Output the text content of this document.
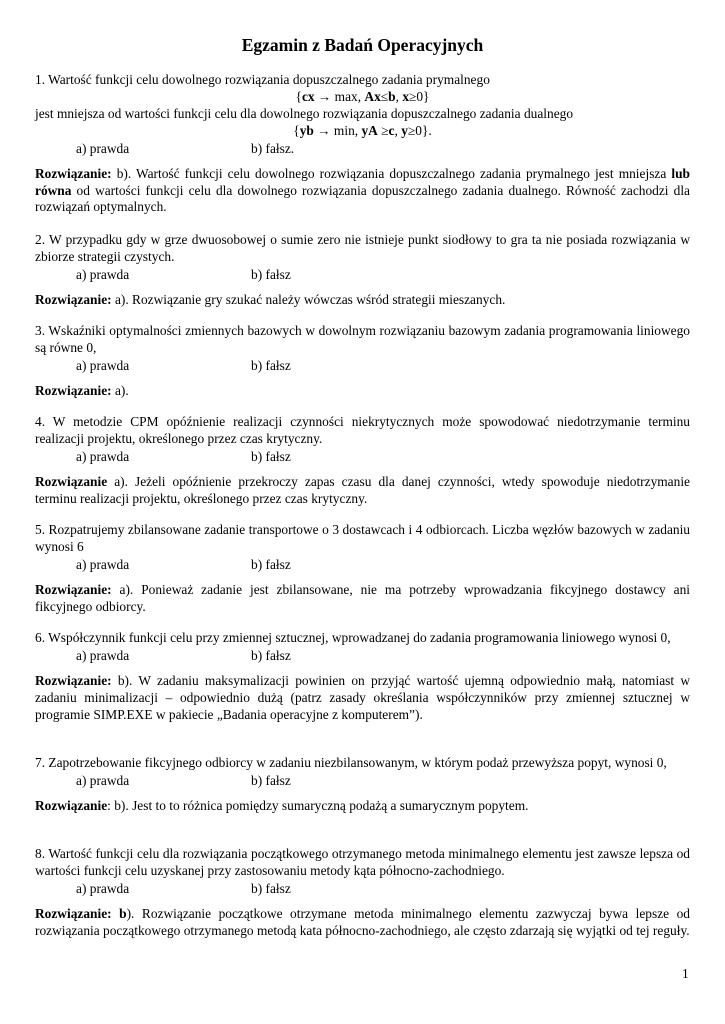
Egzamin z Badań Operacyjnych
1. Wartość funkcji celu dowolnego rozwiązania dopuszczalnego zadania prymalnego
{cx → max, Ax≤b, x≥0}
jest mniejsza od wartości funkcji celu dla dowolnego rozwiązania dopuszczalnego zadania dualnego
{yb → min, yA ≥c, y≥0}.
a) prawda	b) fałsz.
Rozwiązanie: b). Wartość funkcji celu dowolnego rozwiązania dopuszczalnego zadania prymalnego jest mniejsza lub równa od wartości funkcji celu dla dowolnego rozwiązania dopuszczalnego zadania dualnego. Równość zachodzi dla rozwiązań optymalnych.
2. W przypadku gdy w grze dwuosobowej o sumie zero nie istnieje punkt siodłowy to gra ta nie posiada rozwiązania w zbiorze strategii czystych.
a) prawda	b) fałsz
Rozwiązanie: a). Rozwiązanie gry szukać należy wówczas wśród strategii mieszanych.
3. Wskaźniki optymalności zmiennych bazowych w dowolnym rozwiązaniu bazowym zadania programowania liniowego są równe 0,
a) prawda	b) fałsz
Rozwiązanie: a).
4. W metodzie CPM opóźnienie realizacji czynności niekrytycznych może spowodować niedotrzymanie terminu realizacji projektu, określonego przez czas krytyczny.
a) prawda	b) fałsz
Rozwiązanie a). Jeżeli opóźnienie przekroczy zapas czasu dla danej czynności, wtedy spowoduje niedotrzymanie terminu realizacji projektu, określonego przez czas krytyczny.
5. Rozpatrujemy zbilansowane zadanie transportowe o 3 dostawcach i 4 odbiorcach. Liczba węzłów bazowych w zadaniu wynosi 6
a) prawda	b) fałsz
Rozwiązanie: a). Ponieważ zadanie jest zbilansowane, nie ma potrzeby wprowadzania fikcyjnego dostawcy ani fikcyjnego odbiorcy.
6. Współczynnik funkcji celu przy zmiennej sztucznej, wprowadzanej do zadania programowania liniowego wynosi 0,
a) prawda	b) fałsz
Rozwiązanie: b). W zadaniu maksymalizacji powinien on przyjąć wartość ujemną odpowiednio małą, natomiast w zadaniu minimalizacji – odpowiednio dużą (patrz zasady określania współczynników przy zmiennej sztucznej w programie SIMP.EXE w pakiecie „Badania operacyjne z komputerem”).
7. Zapotrzebowanie fikcyjnego odbiorcy w zadaniu niezbilansowanym, w którym podaż przewyższa popyt, wynosi 0,
a) prawda	b) fałsz
Rozwiązanie: b). Jest to to różnica pomiędzy sumaryczną podażą a sumarycznym popytem.
8. Wartość funkcji celu dla rozwiązania początkowego otrzymanego metoda minimalnego elementu jest zawsze lepsza od wartości funkcji celu uzyskanej przy zastosowaniu metody kąta północno-zachodniego.
a) prawda	b) fałsz
Rozwiązanie: b). Rozwiązanie początkowe otrzymane metoda minimalnego elementu zazwyczaj bywa lepsze od rozwiązania początkowego otrzymanego metodą kata północno-zachodniego, ale często zdarzają się wyjątki od tej reguły.
1
